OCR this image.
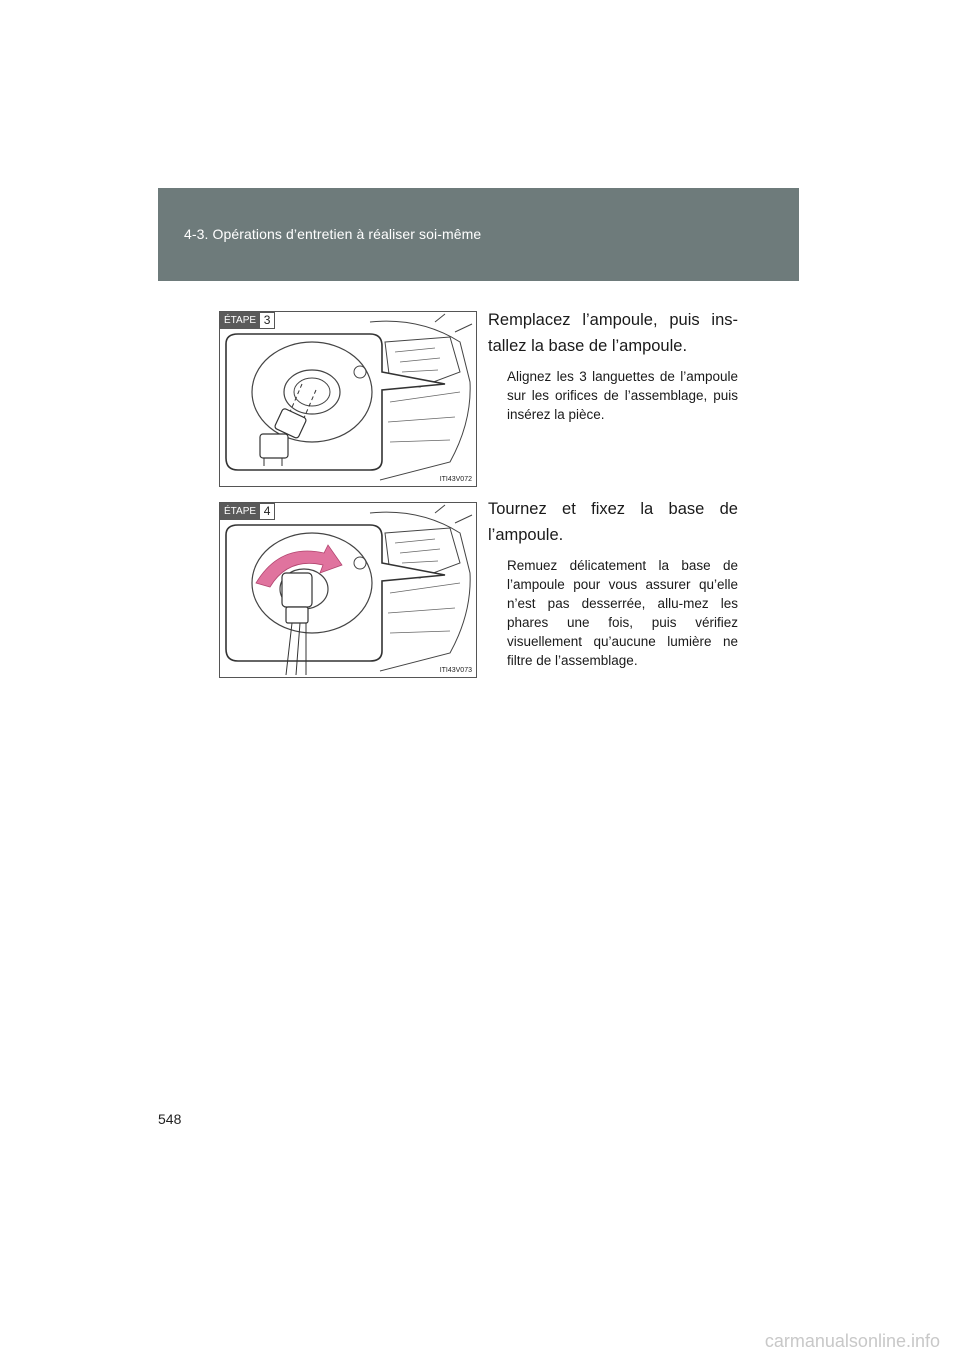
4-3. Opérations d’entretien à réaliser soi-même
ÉTAPE 3
ITI43V072

Remplacez l’ampoule, puis ins-tallez la base de l’ampoule.

Alignez les 3 languettes de l’ampoule sur les orifices de l’assemblage, puis insérez la pièce.

ÉTAPE 4
ITI43V073

Tournez et fixez la base de l’ampoule.

Remuez délicatement la base de l’ampoule pour vous assurer qu’elle n’est pas desserrée, allu-mez les phares une fois, puis vérifiez visuellement qu’aucune lumière ne filtre de l’assemblage.

548
carmanualsonline.info
